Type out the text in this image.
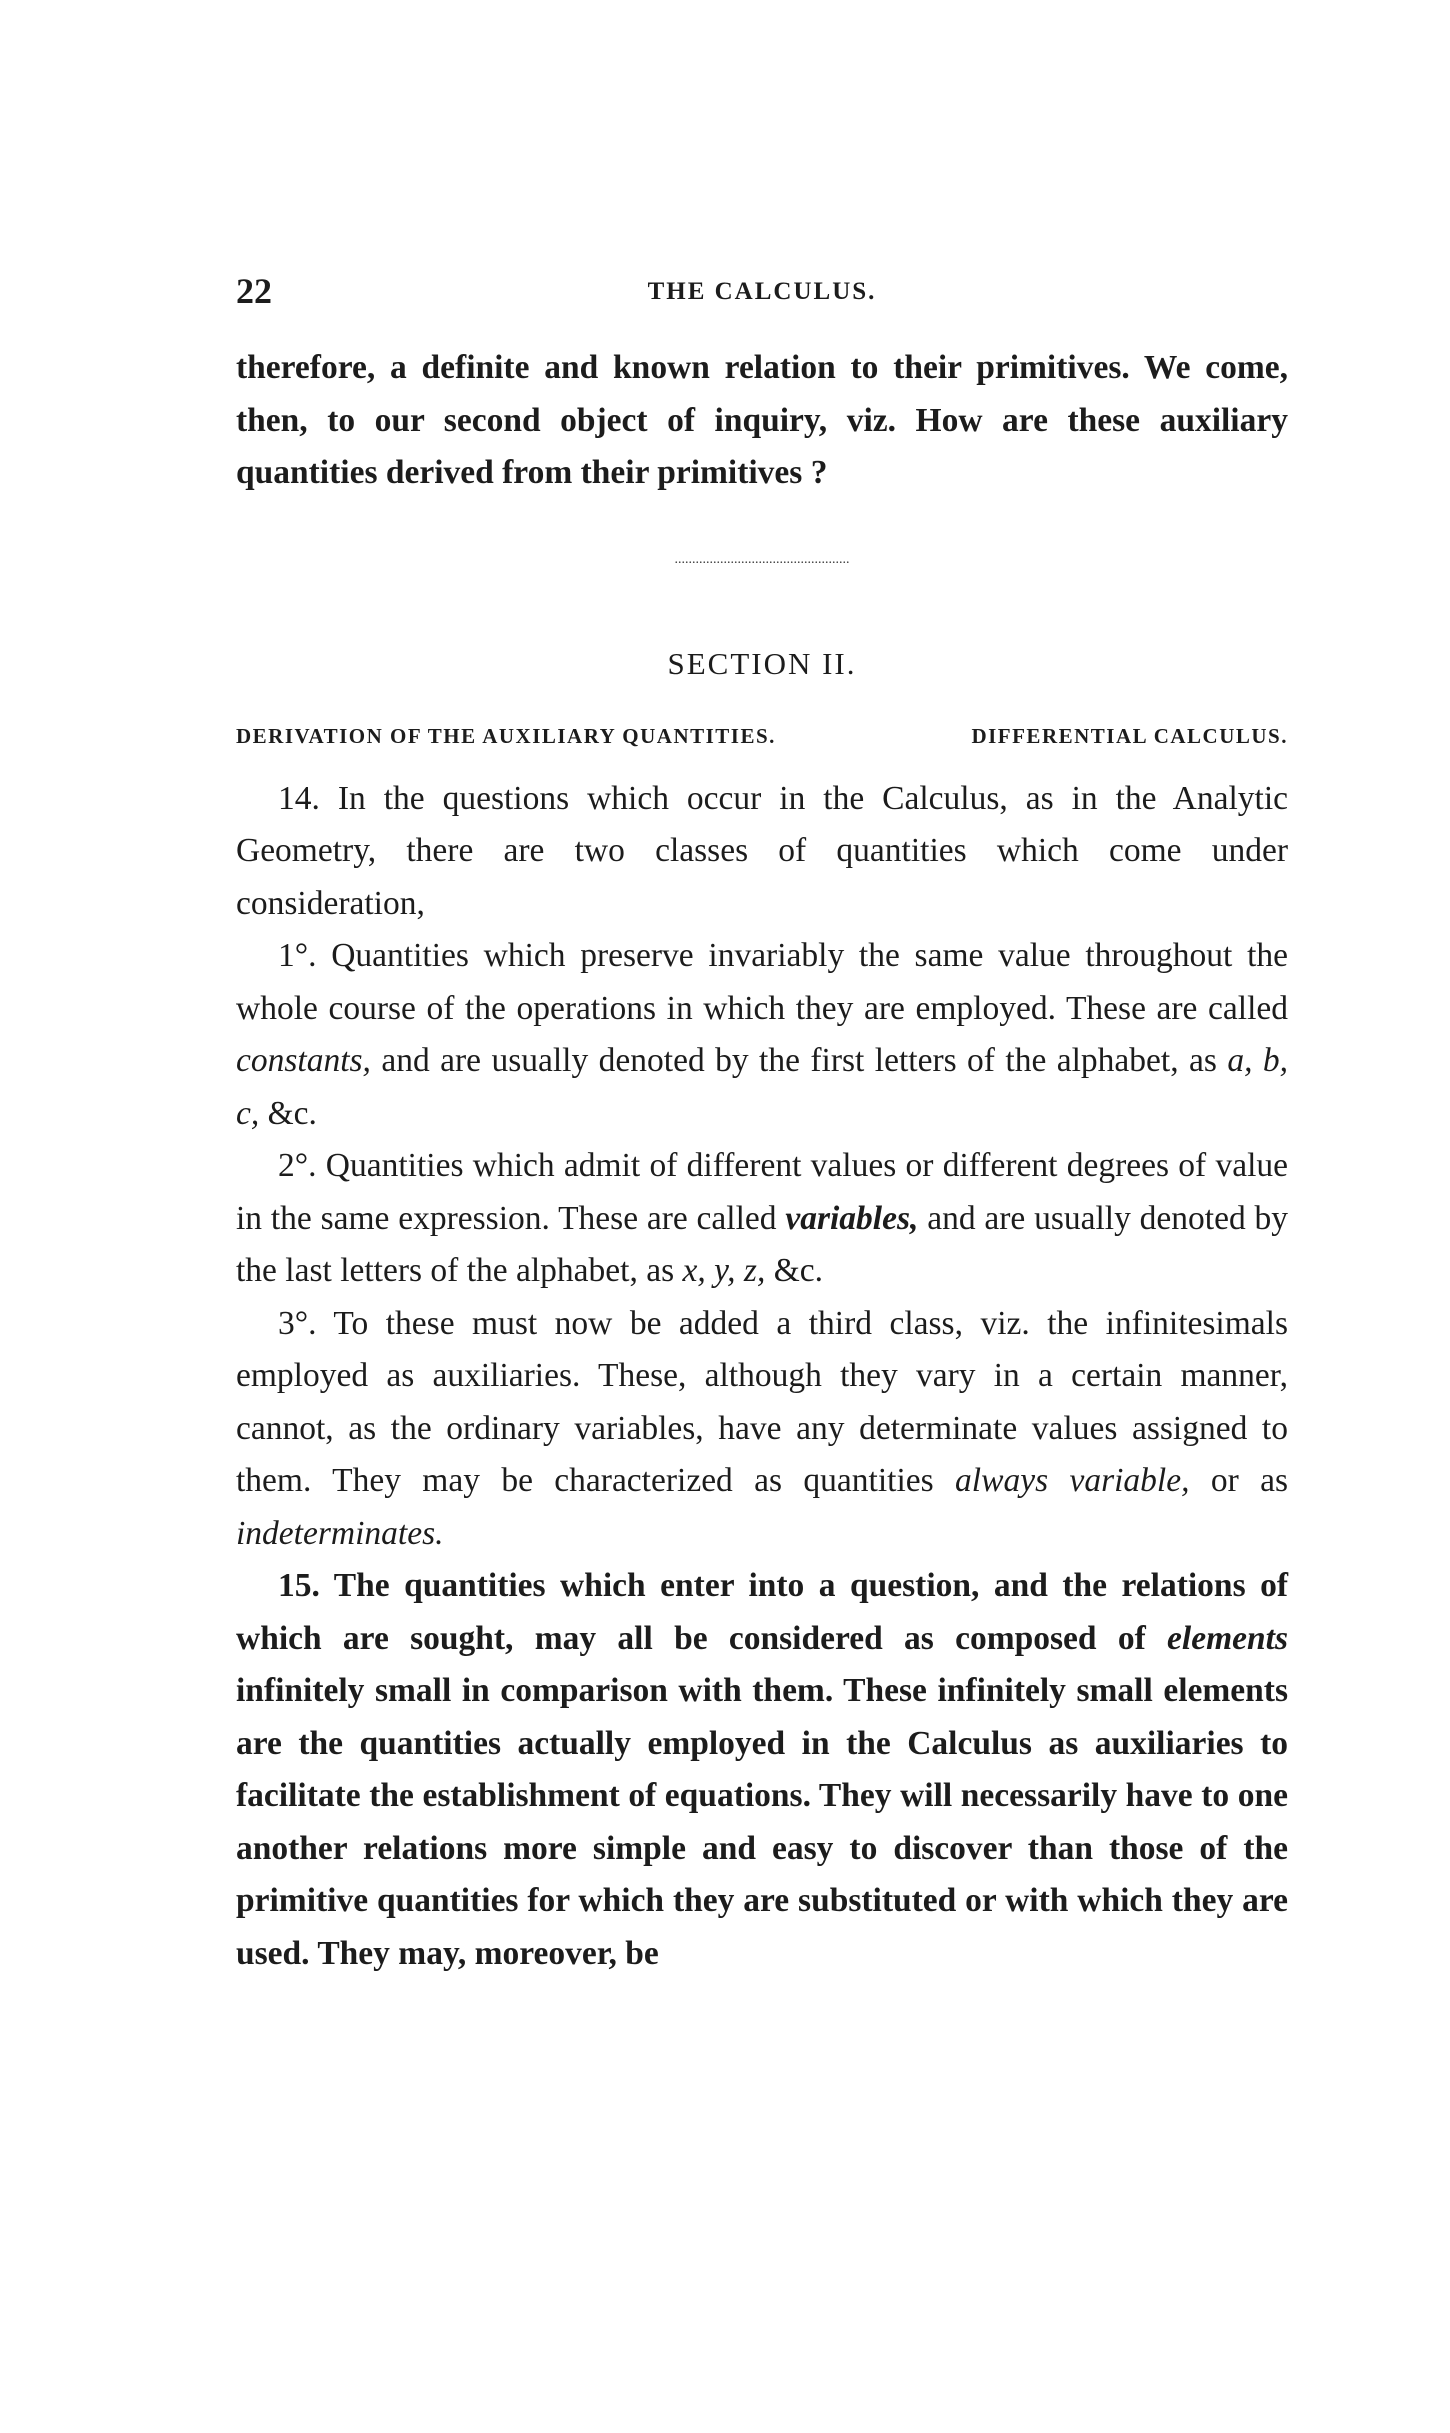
22	THE CALCULUS.

therefore, a definite and known relation to their primitives. We come, then, to our second object of inquiry, viz. How are these auxiliary quantities derived from their primitives ?

..................................................
SECTION II.
DERIVATION OF THE AUXILIARY QUANTITIES.	DIFFERENTIAL CALCULUS.

14. In the questions which occur in the Calculus, as in the Analytic Geometry, there are two classes of quantities which come under consideration,

1°. Quantities which preserve invariably the same value throughout the whole course of the operations in which they are employed. These are called constants, and are usually denoted by the first letters of the alphabet, as a, b, c, &c.

2°. Quantities which admit of different values or different degrees of value in the same expression. These are called variables, and are usually denoted by the last letters of the alphabet, as x, y, z, &c.

3°. To these must now be added a third class, viz. the infinitesimals employed as auxiliaries. These, although they vary in a certain manner, cannot, as the ordinary variables, have any determinate values assigned to them. They may be characterized as quantities always variable, or as indeterminates.

15. The quantities which enter into a question, and the relations of which are sought, may all be considered as composed of elements infinitely small in comparison with them. These infinitely small elements are the quantities actually employed in the Calculus as auxiliaries to facilitate the establishment of equations. They will necessarily have to one another relations more simple and easy to discover than those of the primitive quantities for which they are substituted or with which they are used. They may, moreover, be
